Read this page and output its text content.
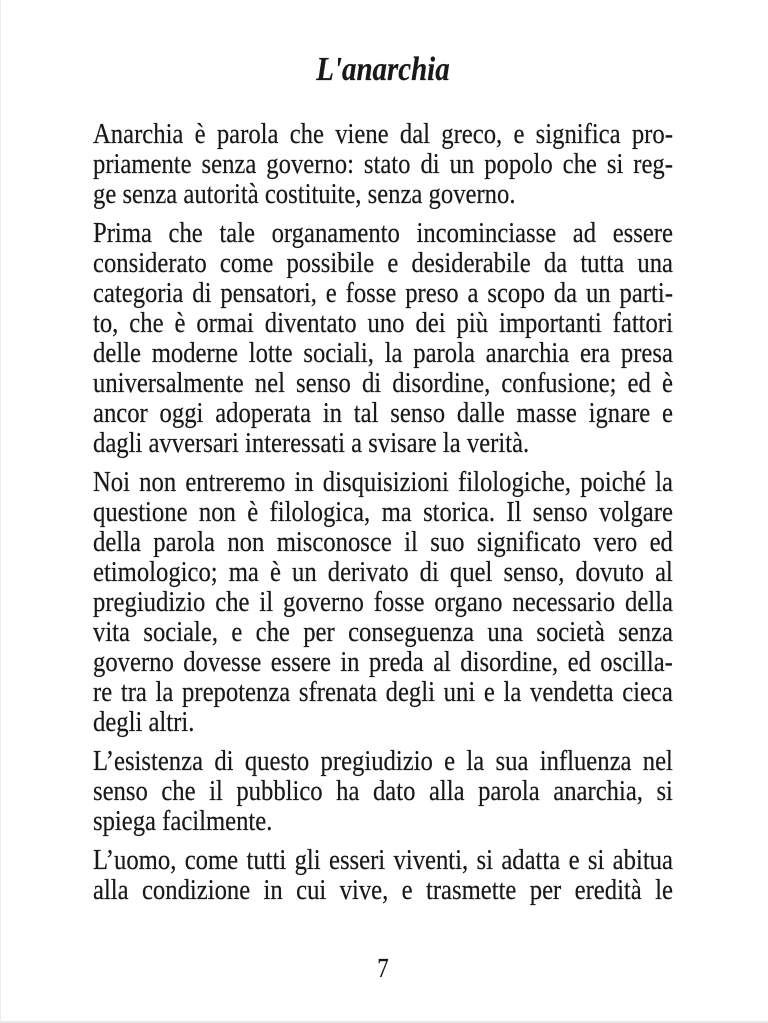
L'anarchia
Anarchia è parola che viene dal greco, e significa pro-
priamente senza governo: stato di un popolo che si reg-
ge senza autorità costituite, senza governo.
Prima che tale organamento incominciasse ad essere
considerato come possibile e desiderabile da tutta una
categoria di pensatori, e fosse preso a scopo da un parti-
to, che è ormai diventato uno dei più importanti fattori
delle moderne lotte sociali, la parola anarchia era presa
universalmente nel senso di disordine, confusione; ed è
ancor oggi adoperata in tal senso dalle masse ignare e
dagli avversari interessati a svisare la verità.
Noi non entreremo in disquisizioni filologiche, poiché la
questione non è filologica, ma storica. Il senso volgare
della parola non misconosce il suo significato vero ed
etimologico; ma è un derivato di quel senso, dovuto al
pregiudizio che il governo fosse organo necessario della
vita sociale, e che per conseguenza una società senza
governo dovesse essere in preda al disordine, ed oscilla-
re tra la prepotenza sfrenata degli uni e la vendetta cieca
degli altri.
L’esistenza di questo pregiudizio e la sua influenza nel
senso che il pubblico ha dato alla parola anarchia, si
spiega facilmente.
L’uomo, come tutti gli esseri viventi, si adatta e si abitua
alla condizione in cui vive, e trasmette per eredità le
7
